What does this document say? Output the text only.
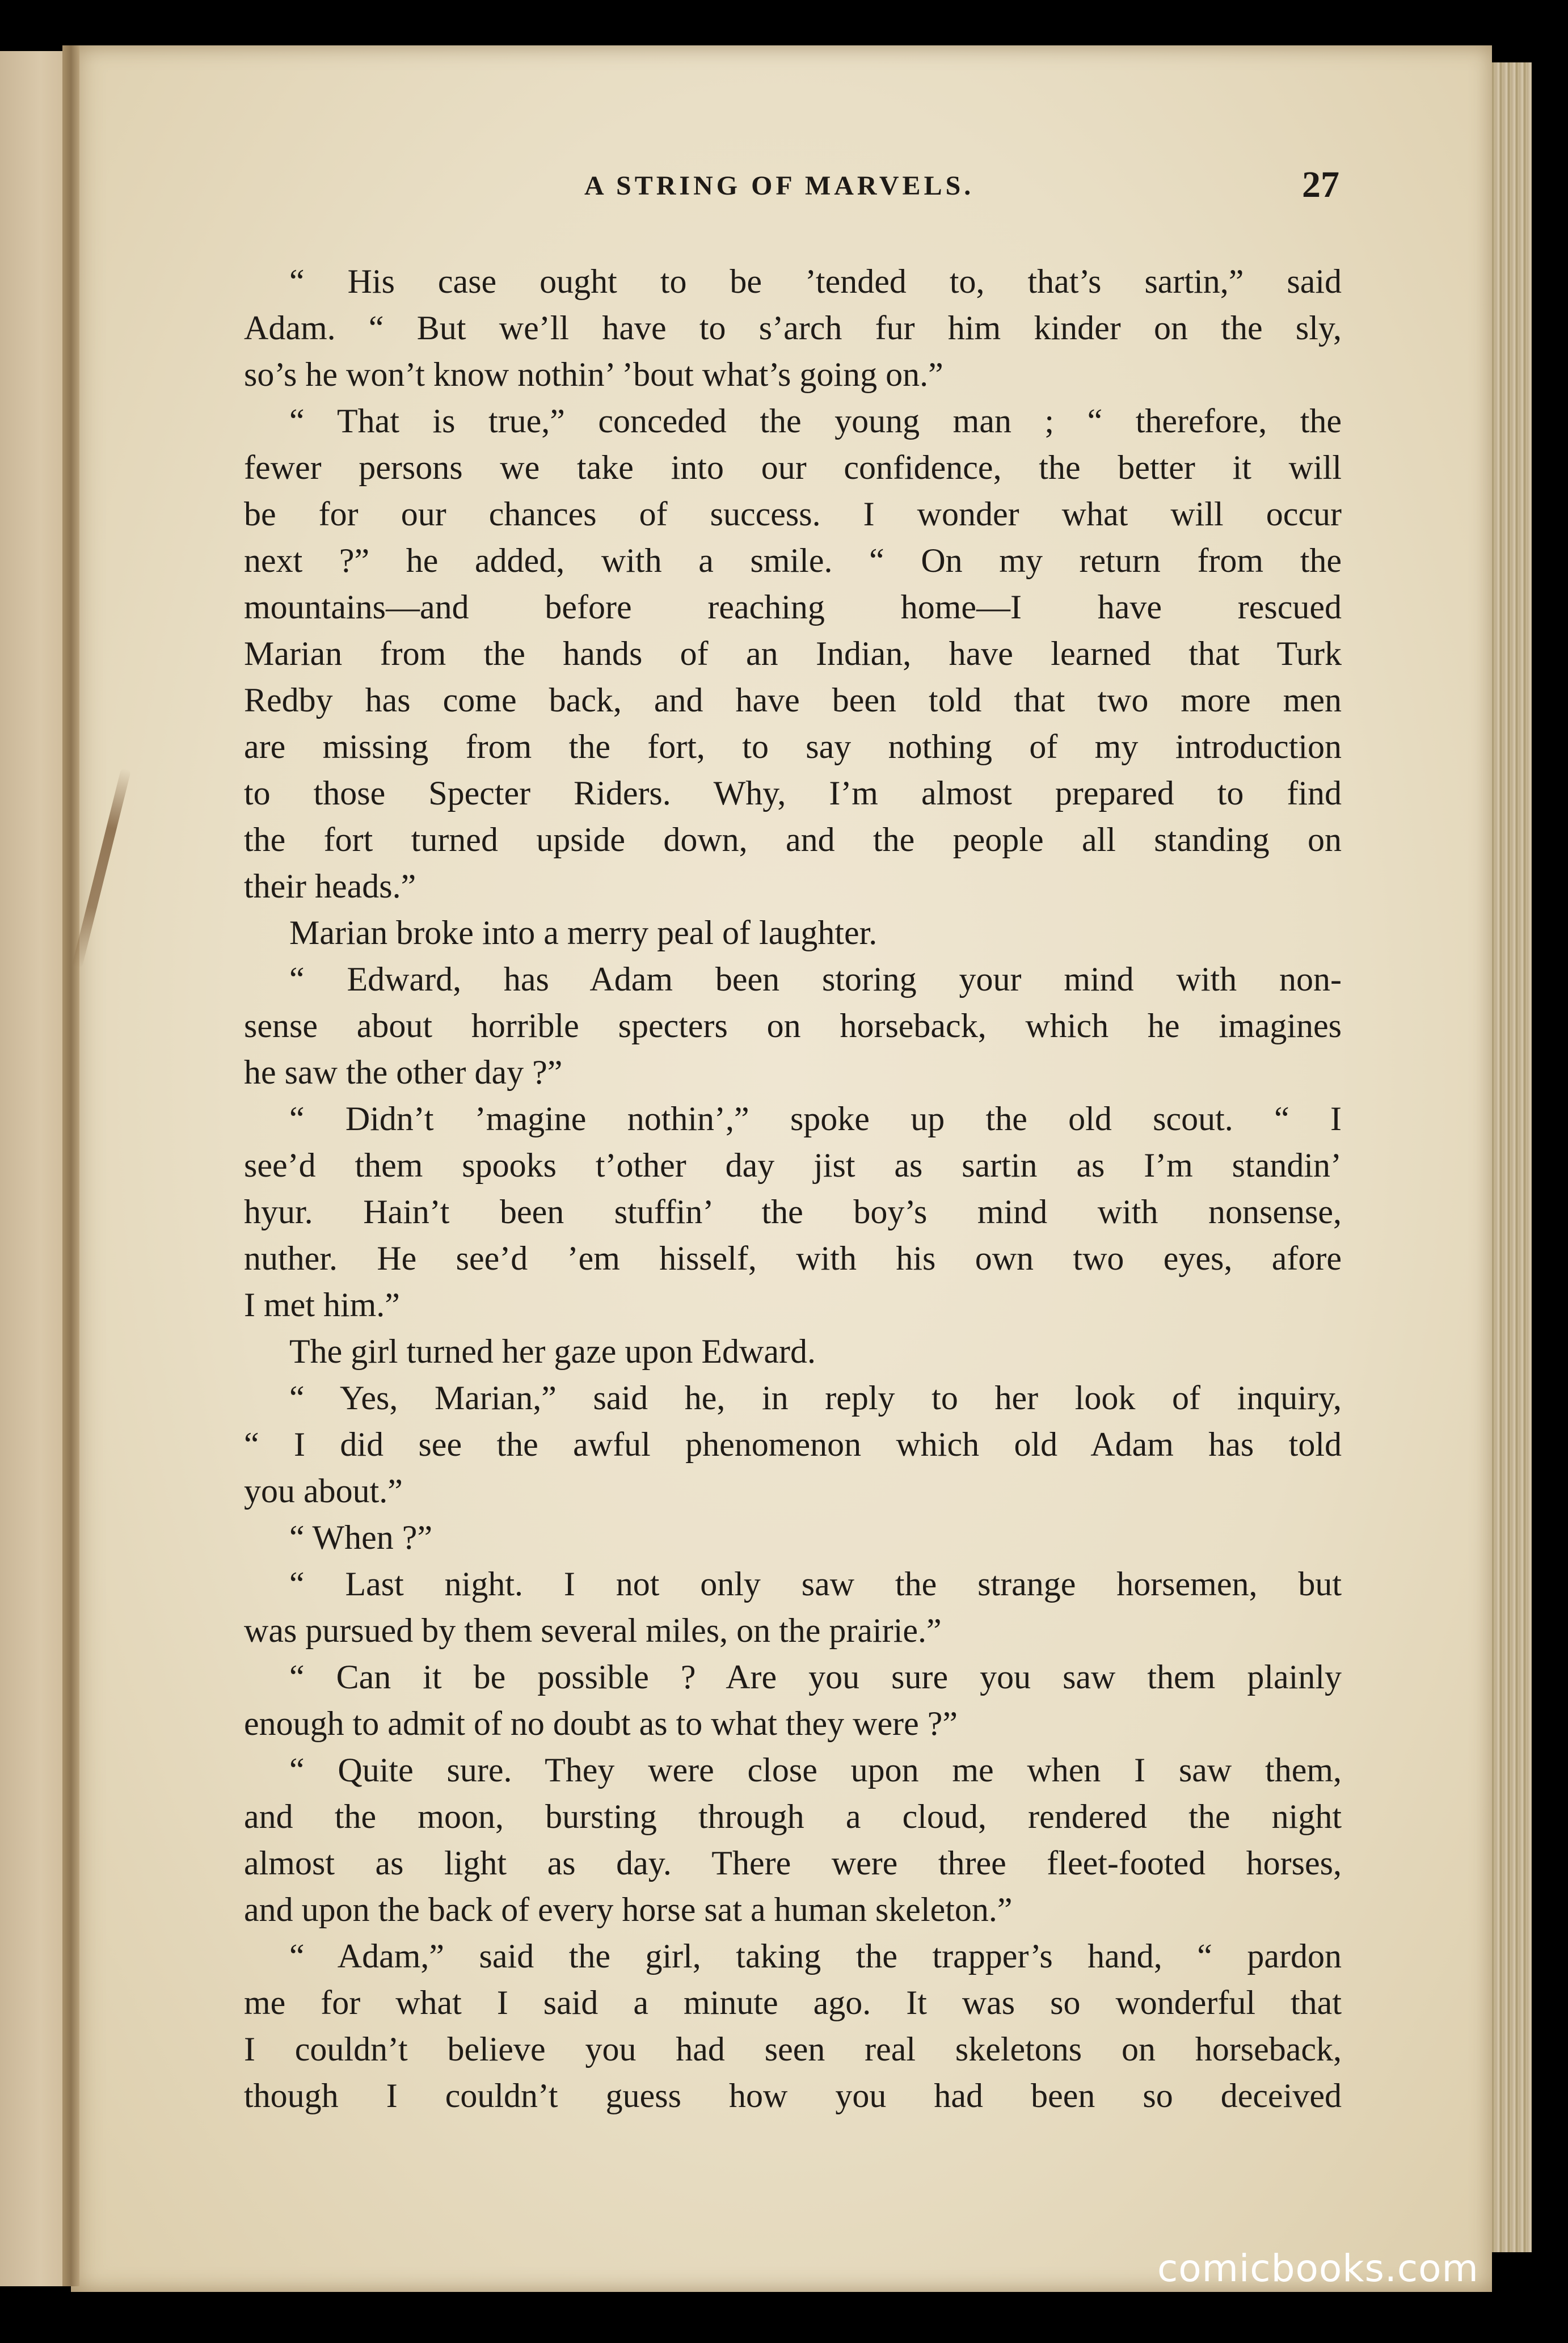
A STRING OF MARVELS.	27
“ His case ought to be ’tended to, that’s sartin,” said
Adam. “ But we’ll have to s’arch fur him kinder on the sly,
so’s he won’t know nothin’ ’bout what’s going on.”
“ That is true,” conceded the young man ; “ therefore, the
fewer persons we take into our confidence, the better it will
be for our chances of success. I wonder what will occur
next ?” he added, with a smile. “ On my return from the
mountains—and before reaching home—I have rescued
Marian from the hands of an Indian, have learned that Turk
Redby has come back, and have been told that two more men
are missing from the fort, to say nothing of my introduction
to those Specter Riders. Why, I’m almost prepared to find
the fort turned upside down, and the people all standing on
their heads.”
Marian broke into a merry peal of laughter.
“ Edward, has Adam been storing your mind with non-
sense about horrible specters on horseback, which he imagines
he saw the other day ?”
“ Didn’t ’magine nothin’,” spoke up the old scout. “ I
see’d them spooks t’other day jist as sartin as I’m standin’
hyur. Hain’t been stuffin’ the boy’s mind with nonsense,
nuther. He see’d ’em hisself, with his own two eyes, afore
I met him.”
The girl turned her gaze upon Edward.
“ Yes, Marian,” said he, in reply to her look of inquiry,
“ I did see the awful phenomenon which old Adam has told
you about.”
“ When ?”
“ Last night. I not only saw the strange horsemen, but
was pursued by them several miles, on the prairie.”
“ Can it be possible ? Are you sure you saw them plainly
enough to admit of no doubt as to what they were ?”
“ Quite sure. They were close upon me when I saw them,
and the moon, bursting through a cloud, rendered the night
almost as light as day. There were three fleet-footed horses,
and upon the back of every horse sat a human skeleton.”
“ Adam,” said the girl, taking the trapper’s hand, “ pardon
me for what I said a minute ago. It was so wonderful that
I couldn’t believe you had seen real skeletons on horseback,
though I couldn’t guess how you had been so deceived
comicbooks.com
